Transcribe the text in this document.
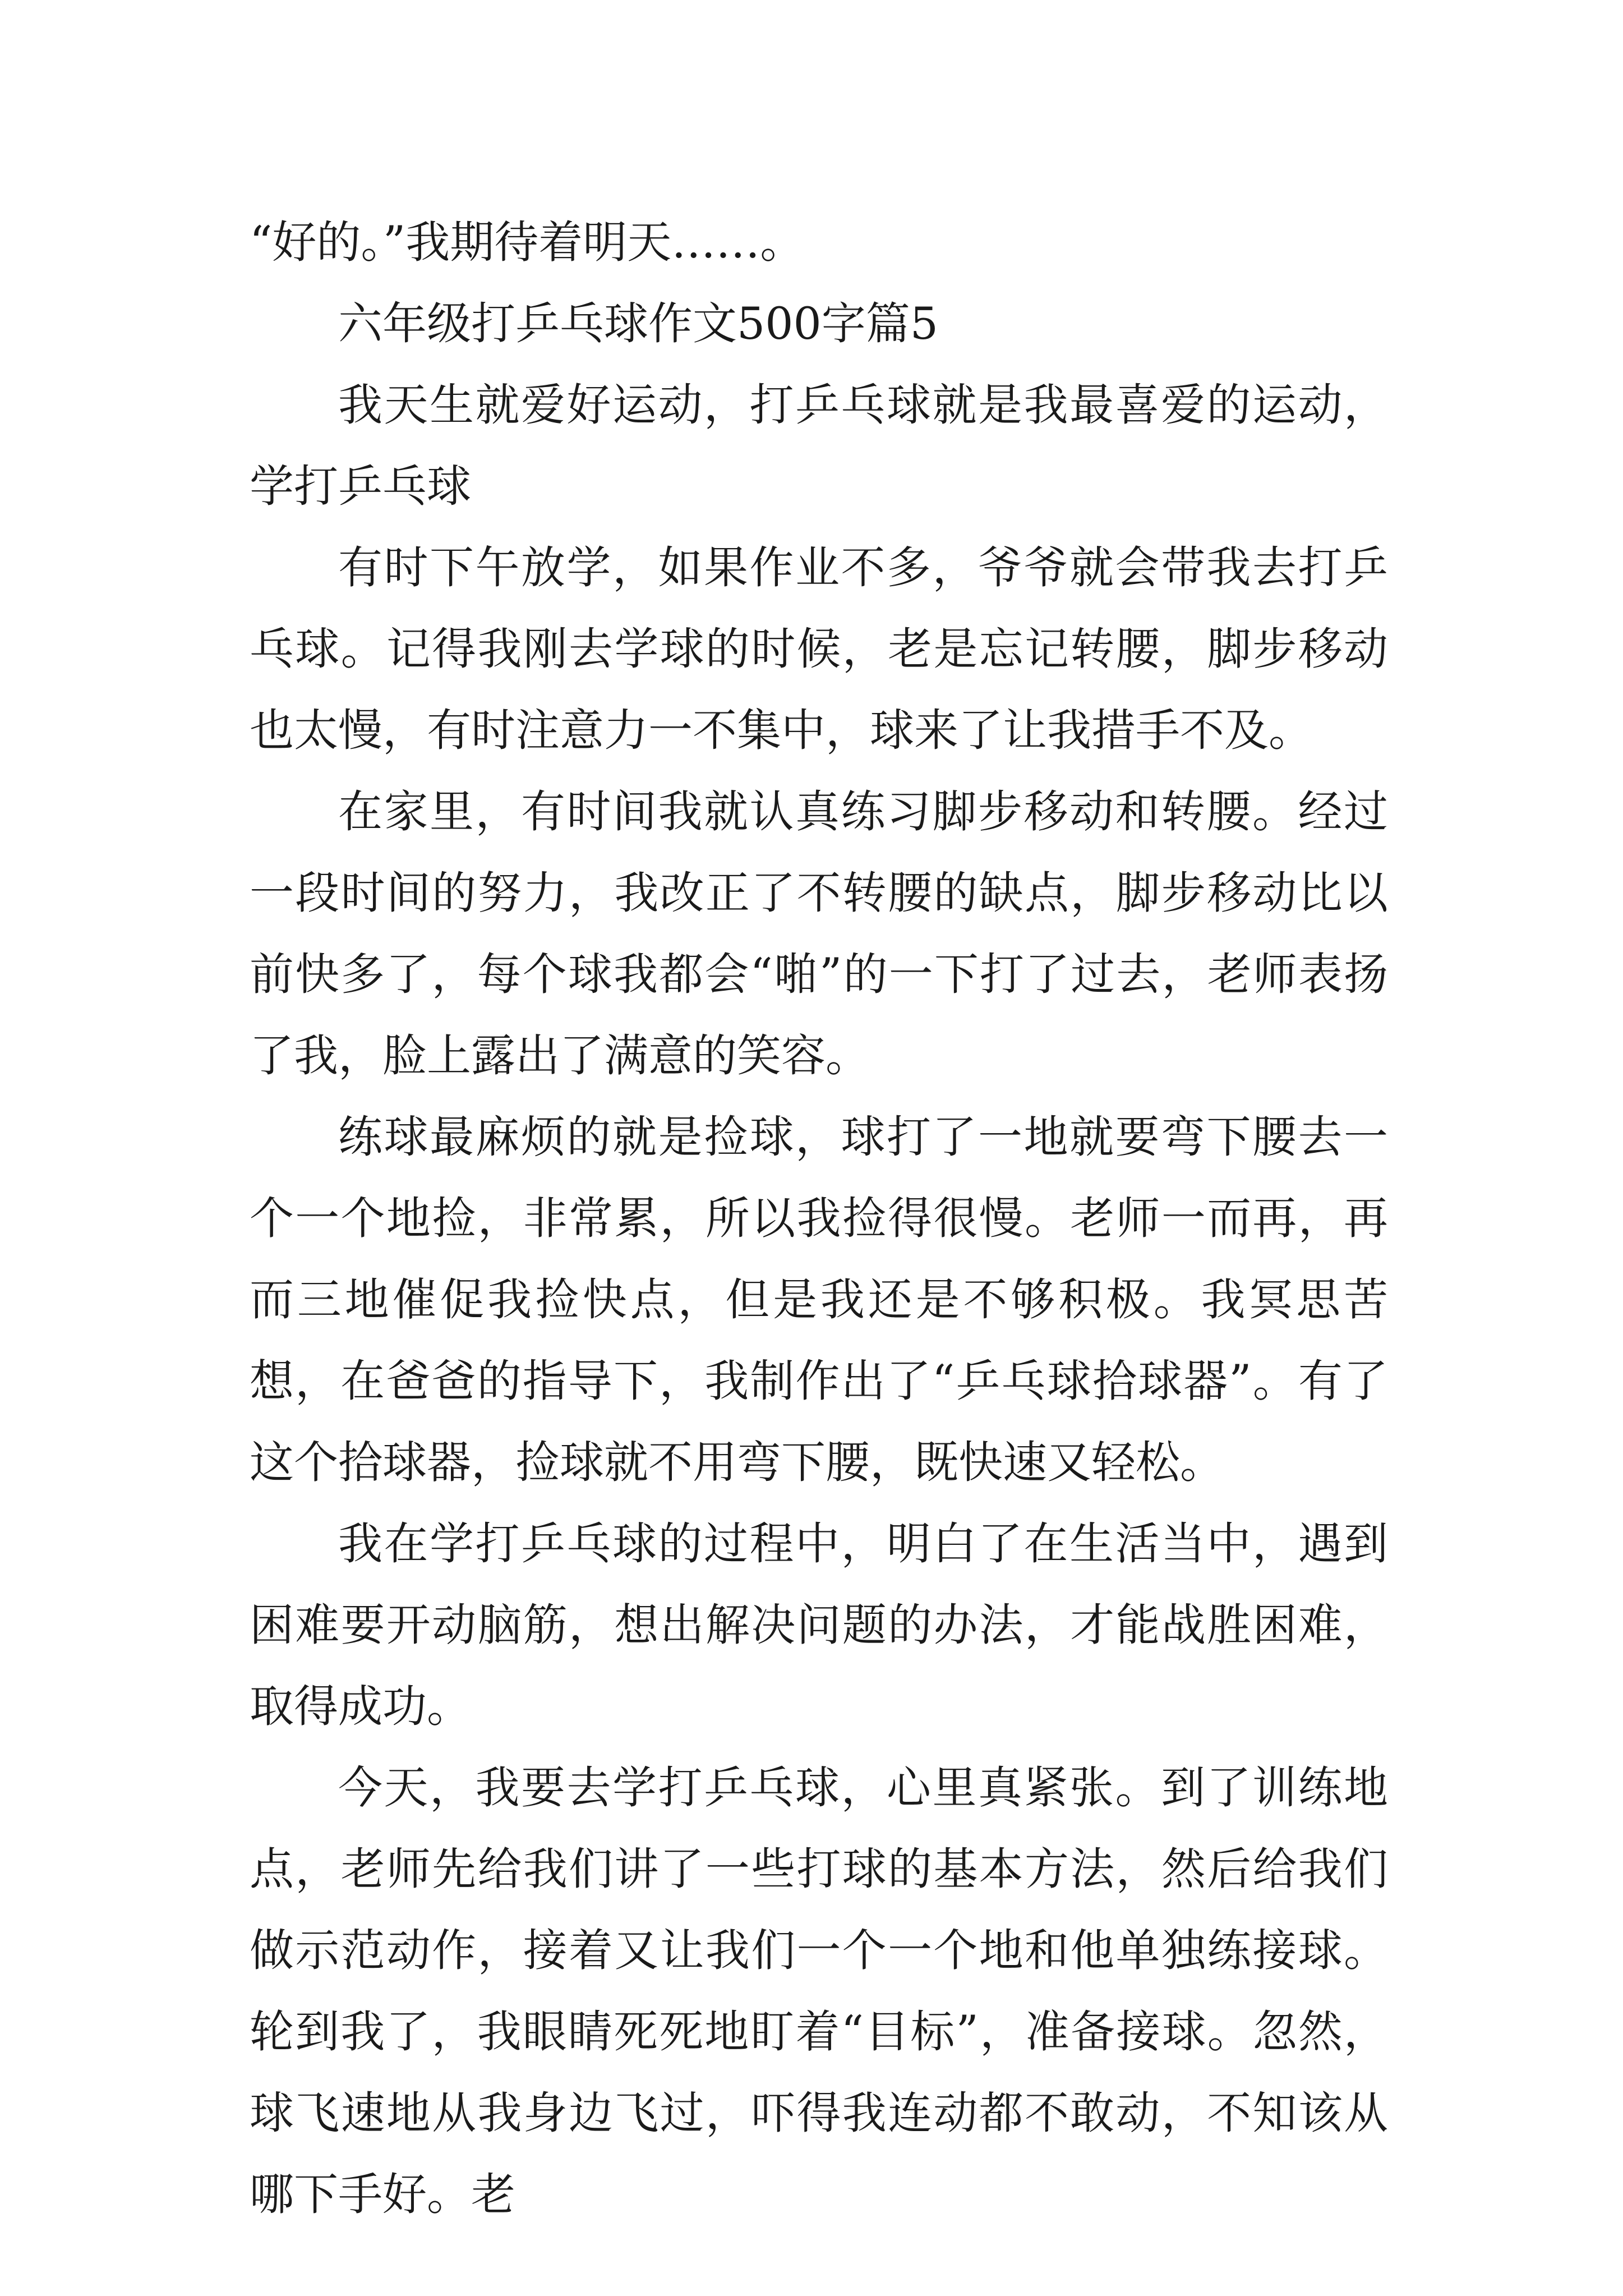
“好的。”我期待着明天……。

六年级打乒乓球作文500字篇5

我天生就爱好运动，打乒乓球就是我最喜爱的运动，学打乒乓球

有时下午放学，如果作业不多，爷爷就会带我去打乒乓球。记得我刚去学球的时候，老是忘记转腰，脚步移动也太慢，有时注意力一不集中，球来了让我措手不及。

在家里，有时间我就认真练习脚步移动和转腰。经过一段时间的努力，我改正了不转腰的缺点，脚步移动比以前快多了，每个球我都会“啪”的一下打了过去，老师表扬了我，脸上露出了满意的笑容。

练球最麻烦的就是捡球，球打了一地就要弯下腰去一个一个地捡，非常累，所以我捡得很慢。老师一而再，再而三地催促我捡快点，但是我还是不够积极。我冥思苦想，在爸爸的指导下，我制作出了“乒乓球拾球器”。有了这个拾球器，捡球就不用弯下腰，既快速又轻松。

我在学打乒乓球的过程中，明白了在生活当中，遇到困难要开动脑筋，想出解决问题的办法，才能战胜困难，取得成功。

今天，我要去学打乒乓球，心里真紧张。到了训练地点，老师先给我们讲了一些打球的基本方法，然后给我们做示范动作，接着又让我们一个一个地和他单独练接球。轮到我了，我眼睛死死地盯着“目标”，准备接球。忽然，球飞速地从我身边飞过，吓得我连动都不敢动，不知该从哪下手好。老
